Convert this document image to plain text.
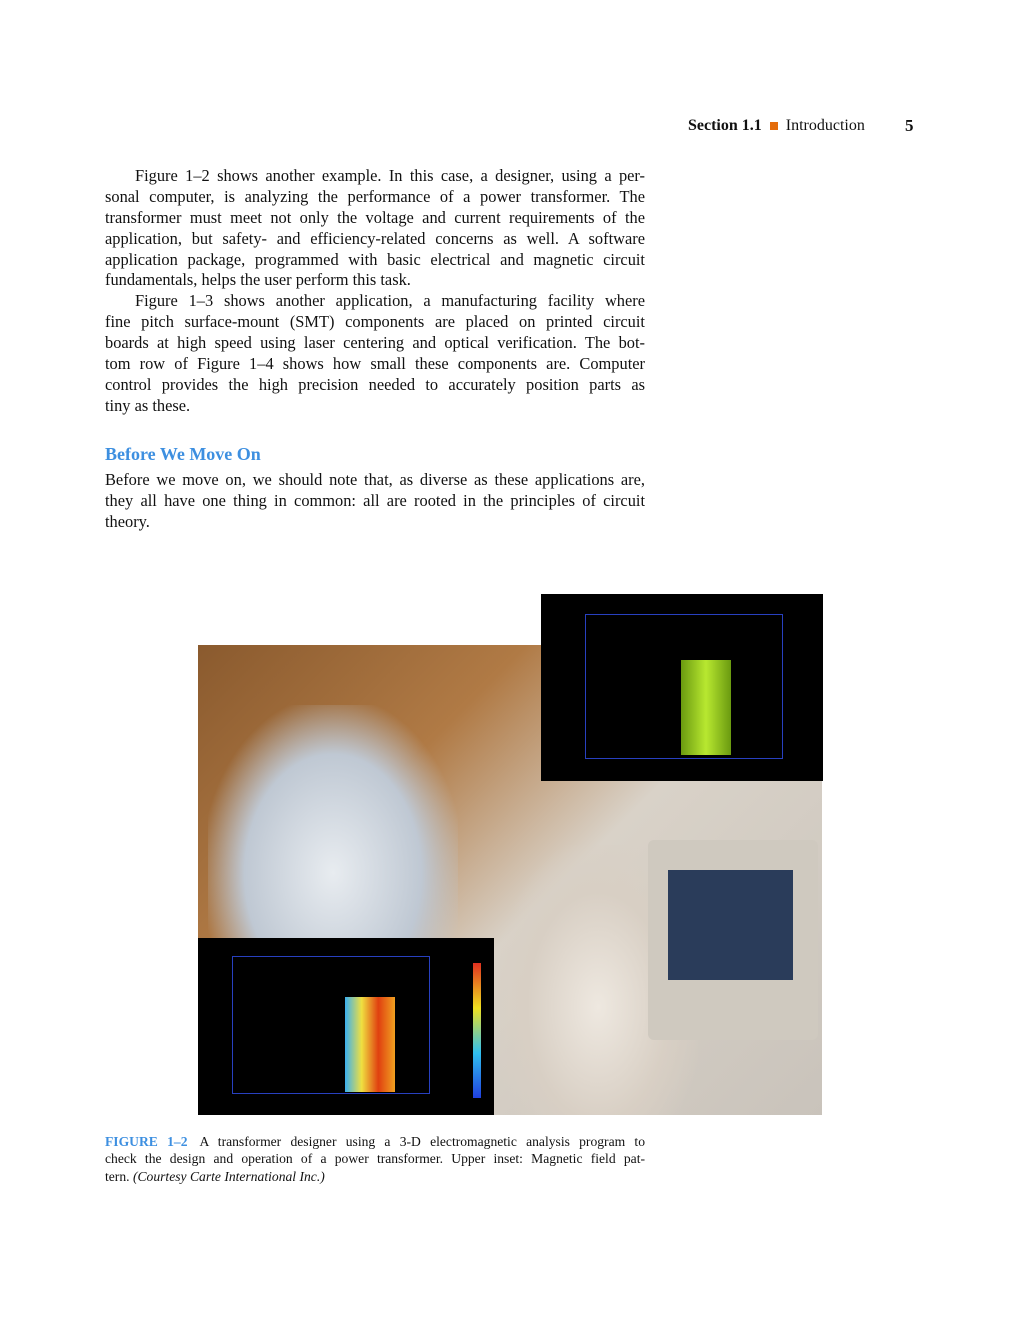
Section 1.1 Introduction 5
Figure 1–2 shows another example. In this case, a designer, using a per-
sonal computer, is analyzing the performance of a power transformer. The
transformer must meet not only the voltage and current requirements of the
application, but safety- and efficiency-related concerns as well. A software
application package, programmed with basic electrical and magnetic circuit
fundamentals, helps the user perform this task.
Figure 1–3 shows another application, a manufacturing facility where
fine pitch surface-mount (SMT) components are placed on printed circuit
boards at high speed using laser centering and optical verification. The bot-
tom row of Figure 1–4 shows how small these components are. Computer
control provides the high precision needed to accurately position parts as
tiny as these.
Before We Move On
Before we move on, we should note that, as diverse as these applications are,
they all have one thing in common: all are rooted in the principles of circuit
theory.
FIGURE 1–2 A transformer designer using a 3-D electromagnetic analysis program to
check the design and operation of a power transformer. Upper inset: Magnetic field pat-
tern. (Courtesy Carte International Inc.)
